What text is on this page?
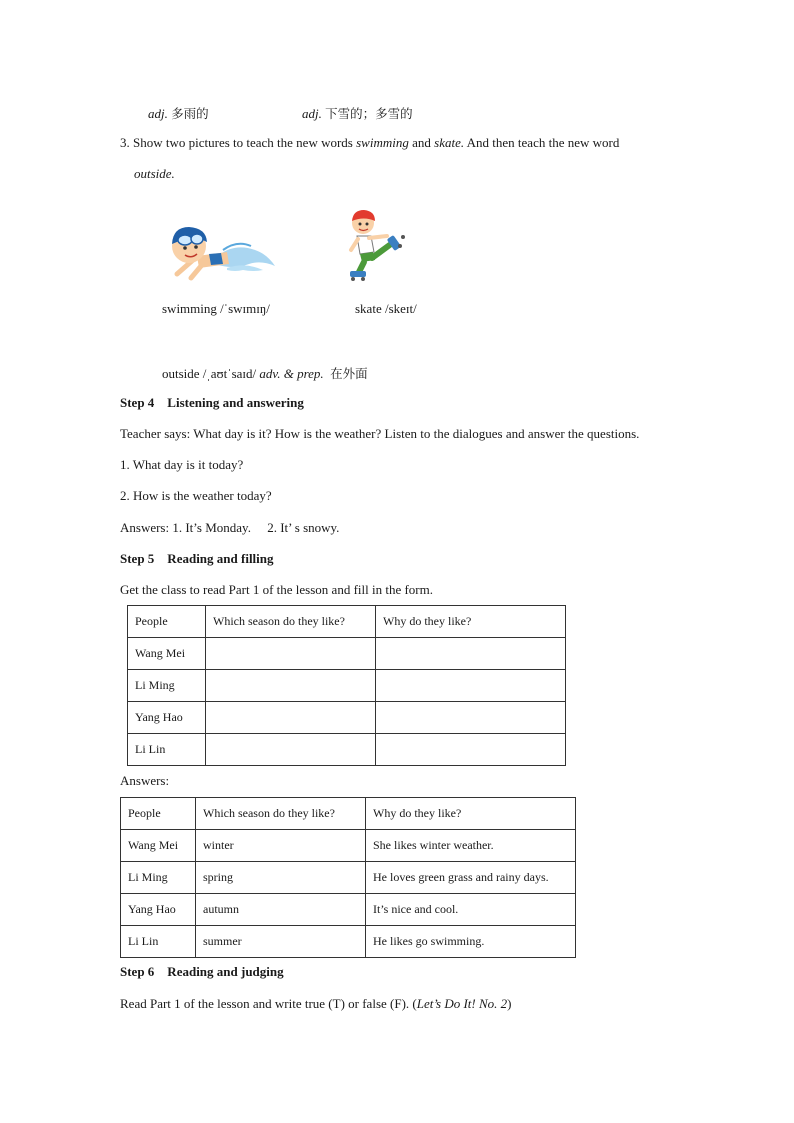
adj. 多雨的	adj. 下雪的；多雪的
3. Show two pictures to teach the new words swimming and skate. And then teach the new word
outside.
swimming /ˈswɪmɪŋ/	skate /skeɪt/
outside /ˌaʊtˈsaɪd/ adv. & prep. 在外面
Step 4    Listening and answering
Teacher says: What day is it? How is the weather? Listen to the dialogues and answer the questions.
1. What day is it today?
2. How is the weather today?
Answers: 1. It’s Monday.     2. It’ s snowy.
Step 5    Reading and filling
Get the class to read Part 1 of the lesson and fill in the form.
People	Which season do they like?	Why do they like?
Wang Mei		
Li Ming		
Yang Hao		
Li Lin		
Answers:
People	Which season do they like?	Why do they like?
Wang Mei	winter	She likes winter weather.
Li Ming	spring	He loves green grass and rainy days.
Yang Hao	autumn	It’s nice and cool.
Li Lin	summer	He likes go swimming.
Step 6    Reading and judging
Read Part 1 of the lesson and write true (T) or false (F). (Let’s Do It! No. 2)
